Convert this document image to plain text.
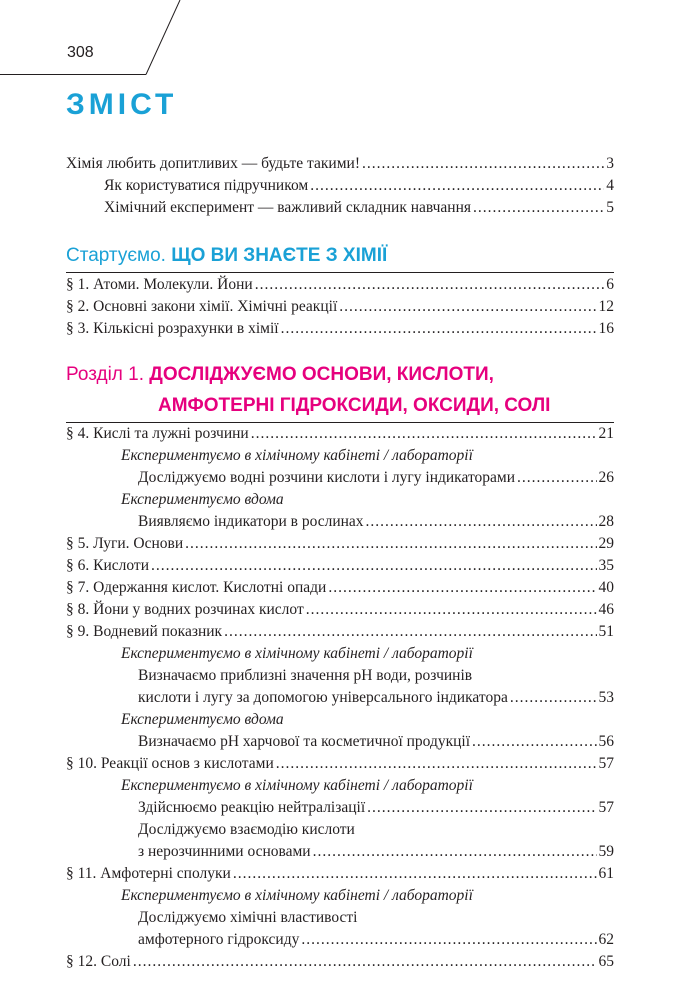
308
ЗМІСТ
Хімія любить допитливих — будьте такими! .....	3
Як користуватися підручником .....	4
Хімічний експеримент — важливий складник навчання .....	5
Стартуємо. ЩО ВИ ЗНАЄТЕ З ХІМІЇ
§ 1. Атоми. Молекули. Йони .....	6
§ 2. Основні закони хімії. Хімічні реакції .....	12
§ 3. Кількісні розрахунки в хімії .....	16
Розділ 1. ДОСЛІДЖУЄМО ОСНОВИ, КИСЛОТИ,
АМФОТЕРНІ ГІДРОКСИДИ, ОКСИДИ, СОЛІ
§ 4. Кислі та лужні розчини .....	21
Експериментуємо в хімічному кабінеті / лабораторії
Досліджуємо водні розчини кислоти і лугу індикаторами .....	26
Експериментуємо вдома
Виявляємо індикатори в рослинах .....	28
§ 5. Луги. Основи .....	29
§ 6. Кислоти .....	35
§ 7. Одержання кислот. Кислотні опади .....	40
§ 8. Йони у водних розчинах кислот .....	46
§ 9. Водневий показник .....	51
Експериментуємо в хімічному кабінеті / лабораторії
Визначаємо приблизні значення pH води, розчинів
кислоти і лугу за допомогою універсального індикатора .....	53
Експериментуємо вдома
Визначаємо pH харчової та косметичної продукції .....	56
§ 10. Реакції основ з кислотами .....	57
Експериментуємо в хімічному кабінеті / лабораторії
Здійснюємо реакцію нейтралізації .....	57
Досліджуємо взаємодію кислоти
з нерозчинними основами .....	59
§ 11. Амфотерні сполуки .....	61
Експериментуємо в хімічному кабінеті / лабораторії
Досліджуємо хімічні властивості
амфотерного гідроксиду .....	62
§ 12. Солі .....	65
